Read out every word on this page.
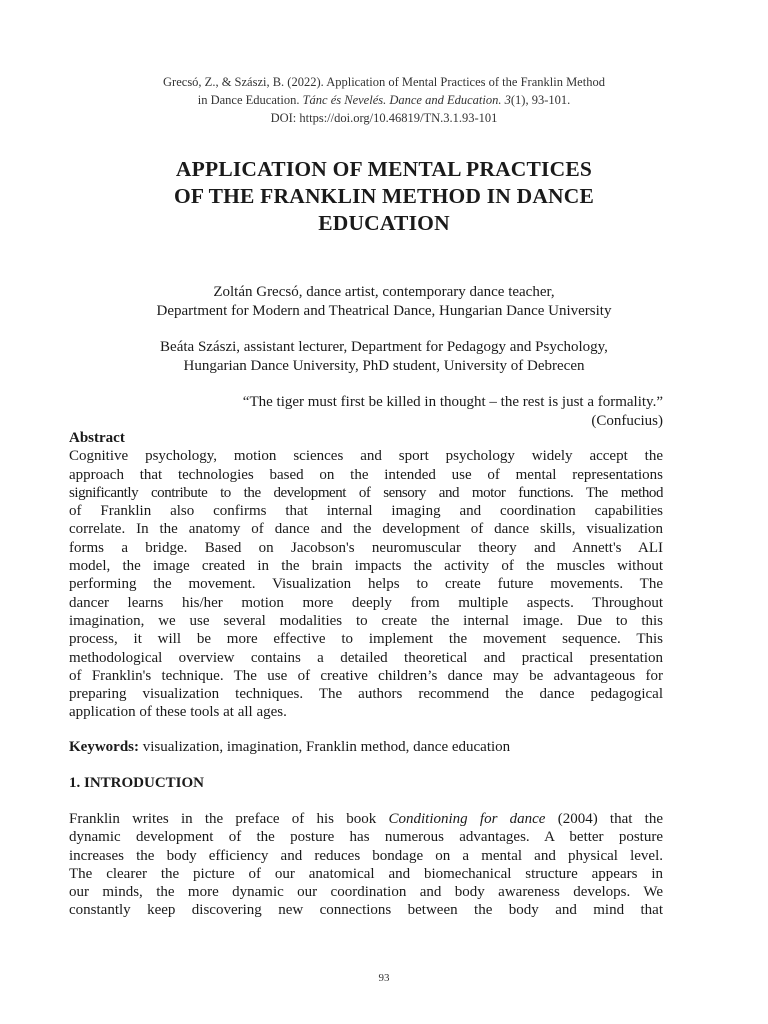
Grecsó, Z., & Szászi, B. (2022). Application of Mental Practices of the Franklin Method
in Dance Education. Tánc és Nevelés. Dance and Education. 3(1), 93-101.
DOI: https://doi.org/10.46819/TN.3.1.93-101
APPLICATION OF MENTAL PRACTICES
OF THE FRANKLIN METHOD IN DANCE
EDUCATION
Zoltán Grecsó, dance artist, contemporary dance teacher,
Department for Modern and Theatrical Dance, Hungarian Dance University
Beáta Szászi, assistant lecturer, Department for Pedagogy and Psychology,
Hungarian Dance University, PhD student, University of Debrecen
“The tiger must first be killed in thought – the rest is just a formality.”
(Confucius)
Abstract
Cognitive psychology, motion sciences and sport psychology widely accept the
approach that technologies based on the intended use of mental representations
significantly contribute to the development of sensory and motor functions. The method
of Franklin also confirms that internal imaging and coordination capabilities
correlate. In the anatomy of dance and the development of dance skills, visualization
forms a bridge. Based on Jacobson's neuromuscular theory and Annett's ALI
model, the image created in the brain impacts the activity of the muscles without
performing the movement. Visualization helps to create future movements. The
dancer learns his/her motion more deeply from multiple aspects. Throughout
imagination, we use several modalities to create the internal image. Due to this
process, it will be more effective to implement the movement sequence. This
methodological overview contains a detailed theoretical and practical presentation
of Franklin's technique. The use of creative children’s dance may be advantageous for
preparing visualization techniques. The authors recommend the dance pedagogical
application of these tools at all ages.
Keywords: visualization, imagination, Franklin method, dance education
1. INTRODUCTION
Franklin writes in the preface of his book Conditioning for dance (2004) that the
dynamic development of the posture has numerous advantages. A better posture
increases the body efficiency and reduces bondage on a mental and physical level.
The clearer the picture of our anatomical and biomechanical structure appears in
our minds, the more dynamic our coordination and body awareness develops. We
constantly keep discovering new connections between the body and mind that
93
